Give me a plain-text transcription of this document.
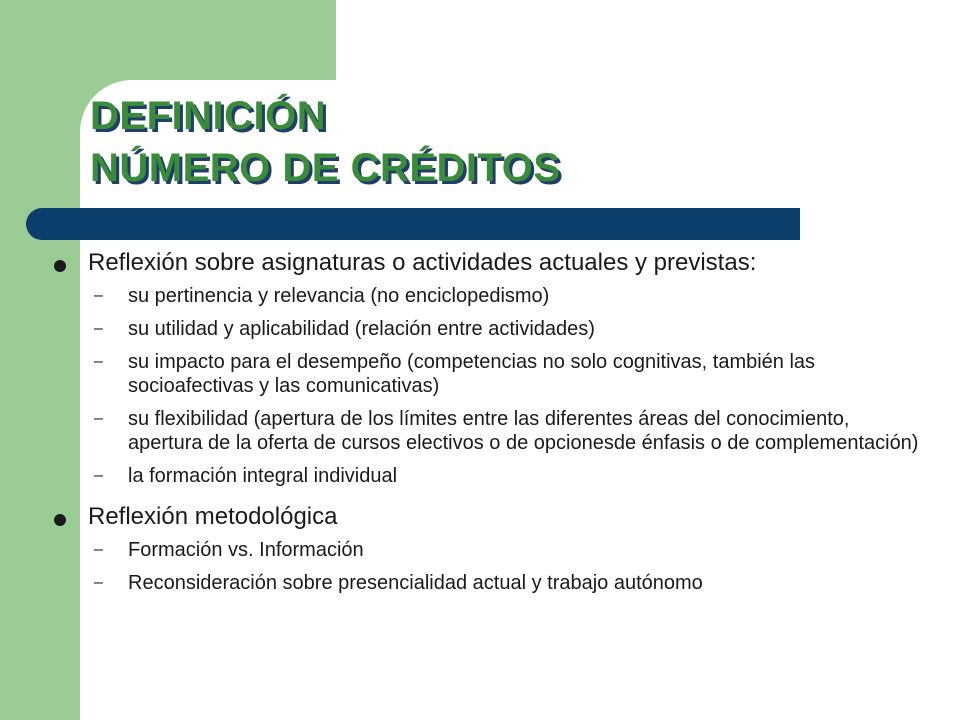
DEFINICIÓN
NÚMERO DE CRÉDITOS
Reflexión sobre asignaturas o actividades actuales y previstas:
– su pertinencia y relevancia (no enciclopedismo)
– su utilidad y aplicabilidad (relación entre actividades)
– su impacto para el desempeño (competencias no solo cognitivas, también las socioafectivas y las comunicativas)
– su flexibilidad (apertura de los límites entre las diferentes áreas del conocimiento, apertura de la oferta de cursos electivos o de opcionesde énfasis o de complementación)
– la formación integral individual
Reflexión metodológica
– Formación vs. Información
– Reconsideración sobre presencialidad actual y trabajo autónomo
